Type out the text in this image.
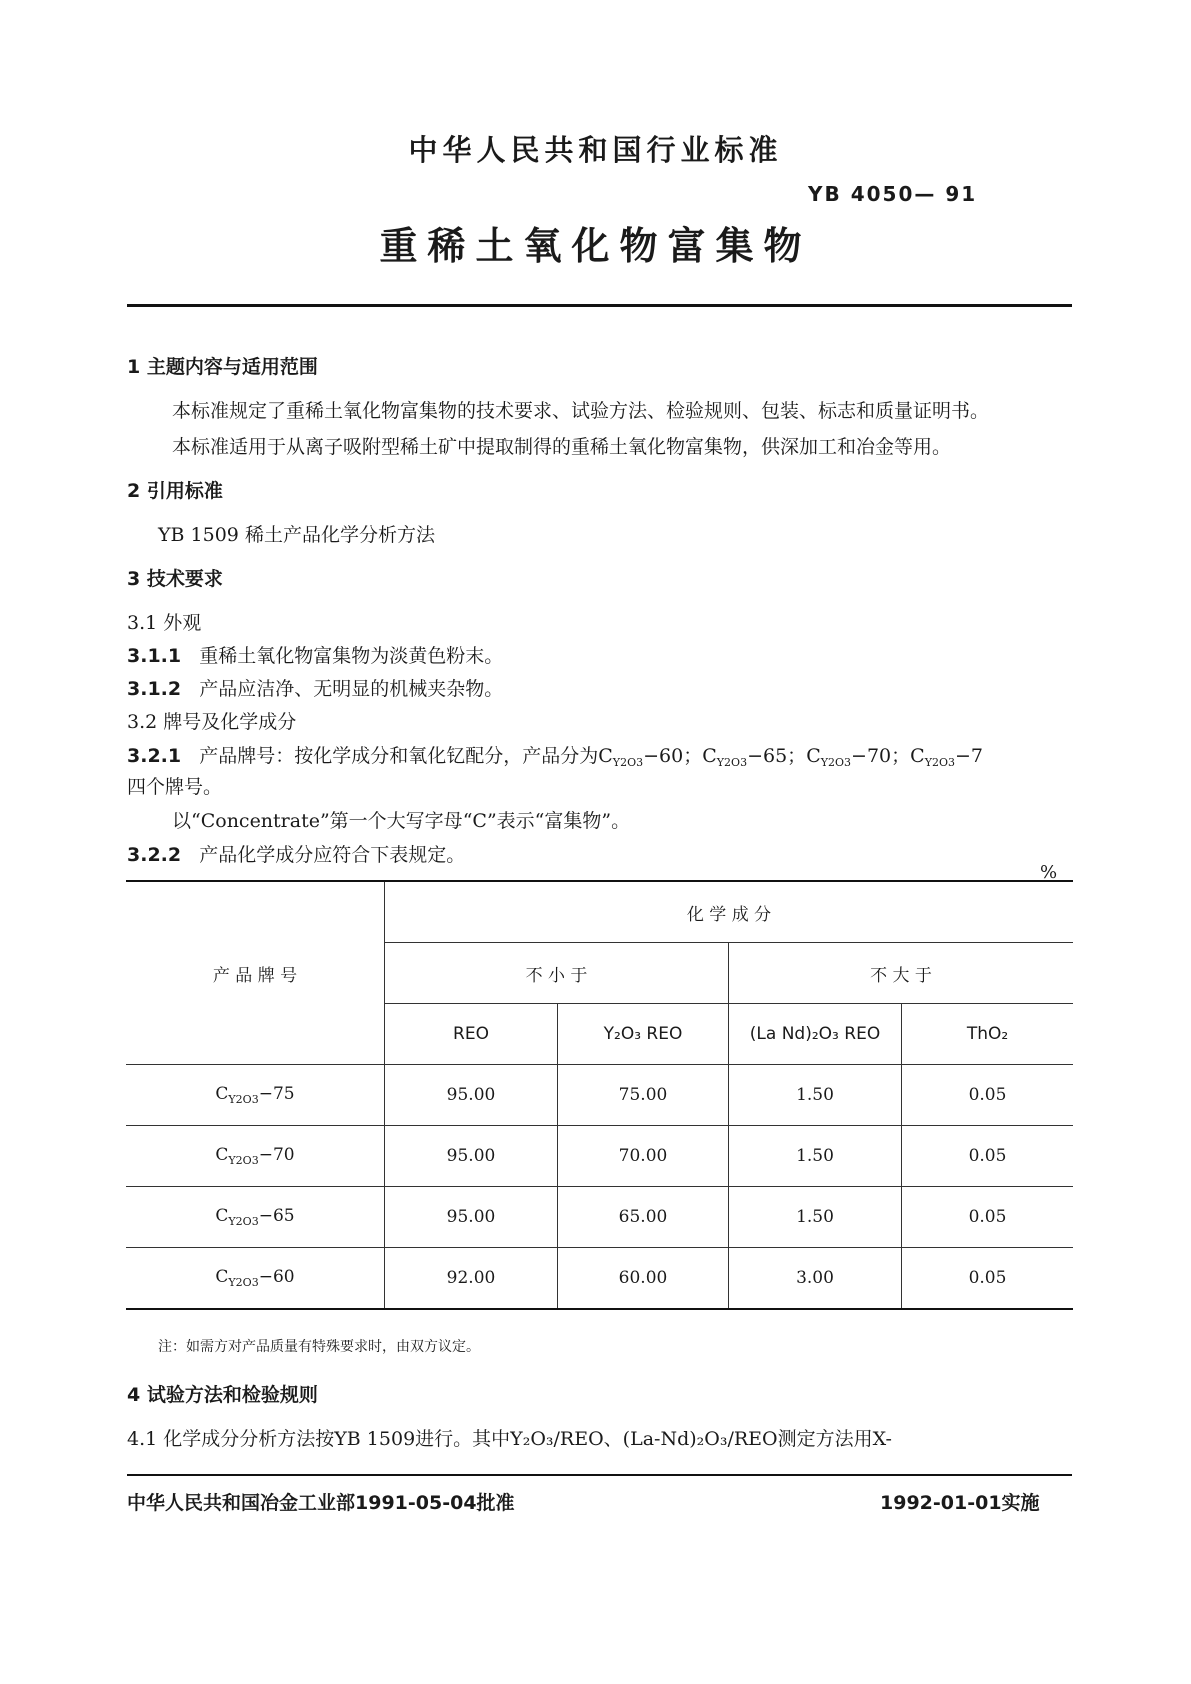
中华人民共和国行业标准
YB 4050— 91
重稀土氧化物富集物
1 主题内容与适用范围
本标准规定了重稀土氧化物富集物的技术要求、试验方法、检验规则、包装、标志和质量证明书。
本标准适用于从离子吸附型稀土矿中提取制得的重稀土氧化物富集物，供深加工和冶金等用。
2 引用标准
YB 1509 稀土产品化学分析方法
3 技术要求
3.1 外观
3.1.1 重稀土氧化物富集物为淡黄色粉末。
3.1.2 产品应洁净、无明显的机械夹杂物。
3.2 牌号及化学成分
3.2.1 产品牌号：按化学成分和氧化钇配分，产品分为$C_{Y2O3}-60$；$C_{Y2O3}-65$；$C_{Y2O3}-70$；$C_{Y2O3}-7$
四个牌号。
以“Concentrate”第一个大写字母“C”表示“富集物”。
3.2.2 产品化学成分应符合下表规定。
%
产 品 牌 号	化 学 成 分			
	不 小 于		不 大 于	
	REO	Y₂O₃ REO	(La Nd)₂O₃ REO	ThO₂
$C_{Y2O3}-75$	95.00	75.00	1.50	0.05
$C_{Y2O3}-70$	95.00	70.00	1.50	0.05
$C_{Y2O3}-65$	95.00	65.00	1.50	0.05
$C_{Y2O3}-60$	92.00	60.00	3.00	0.05
注：如需方对产品质量有特殊要求时，由双方议定。
4 试验方法和检验规则
4.1 化学成分分析方法按YB 1509进行。其中Y₂O₃/REO、(La-Nd)₂O₃/REO测定方法用X-
中华人民共和国冶金工业部1991-05-04批准	1992-01-01实施
